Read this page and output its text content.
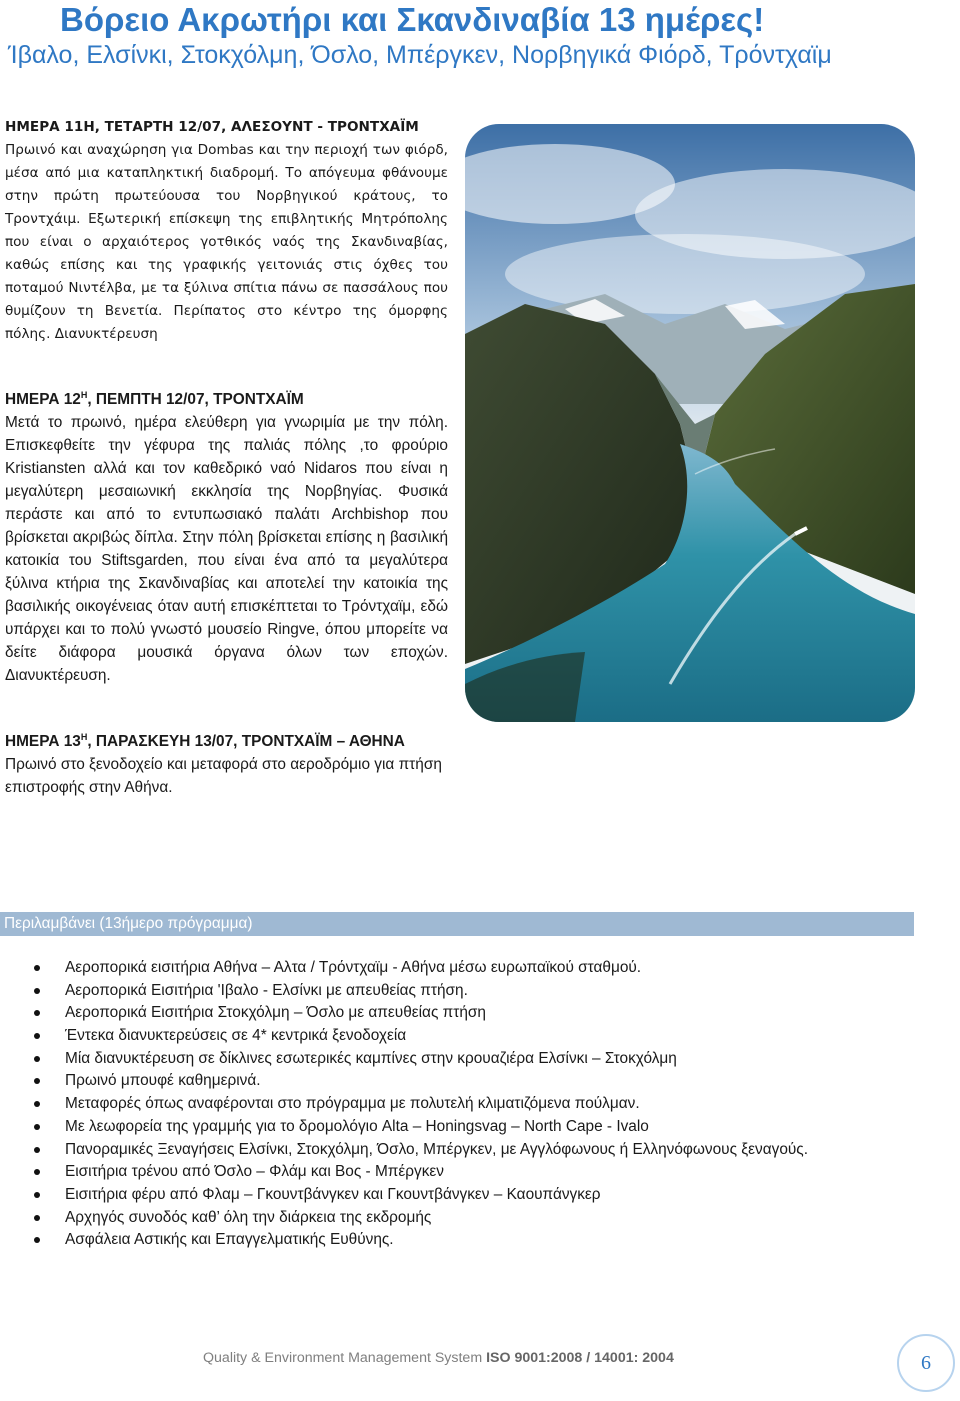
Βόρειο Ακρωτήρι και Σκανδιναβία 13 ημέρες!
Ίβαλο, Ελσίνκι, Στοκχόλμη, Όσλο, Μπέργκεν, Νορβηγικά Φιόρδ, Τρόντχαϊμ
ΗΜΕΡΑ 11Η, ΤΕΤΑΡΤΗ 12/07, ΑΛΕΣΟΥΝΤ - ΤΡΟΝΤΧΑΪΜ

Πρωινό και αναχώρηση για Dombas και την περιοχή των φιόρδ, μέσα από μια καταπληκτική διαδρομή. Το απόγευμα φθάνουμε στην πρώτη πρωτεύουσα του Νορβηγικού κράτους, το Τροντχάιμ. Εξωτερική επίσκεψη της επιβλητικής Μητρόπολης που είναι ο αρχαιότερος γοτθικός ναός της Σκανδιναβίας, καθώς επίσης και της γραφικής γειτονιάς στις όχθες του ποταμού Νιντέλβα, με τα ξύλινα σπίτια πάνω σε πασσάλους που θυμίζουν τη Βενετία. Περίπατος στο κέντρο της όμορφης πόλης. Διανυκτέρευση

ΗΜΕΡΑ $12^H$, ΠΕΜΠΤΗ 12/07, ΤΡΟΝΤΧΑΪΜ

Μετά το πρωινό, ημέρα ελεύθερη για γνωριμία με την πόλη. Επισκεφθείτε την γέφυρα της παλιάς πόλης ,το φρούριο Kristiansten αλλά και τον καθεδρικό ναό Nidaros που είναι η μεγαλύτερη μεσαιωνική εκκλησία της Νορβηγίας. Φυσικά περάστε και από το εντυπωσιακό παλάτι Archbishop που βρίσκεται ακριβώς δίπλα. Στην πόλη βρίσκεται επίσης η βασιλική κατοικία του Stiftsgarden, που είναι ένα από τα μεγαλύτερα ξύλινα κτήρια της Σκανδιναβίας και αποτελεί την κατοικία της βασιλικής οικογένειας όταν αυτή επισκέπτεται το Τρόντχαϊμ, εδώ υπάρχει και το πολύ γνωστό μουσείο Ringve, όπου μπορείτε να δείτε διάφορα μουσικά όργανα όλων των εποχών. Διανυκτέρευση.

ΗΜΕΡΑ $13^H$, ΠΑΡΑΣΚΕΥΗ 13/07, ΤΡΟΝΤΧΑΪΜ – ΑΘΗΝΑ

Πρωινό στο ξενοδοχείο και μεταφορά στο αεροδρόμιο για πτήση επιστροφής στην Αθήνα.

Περιλαμβάνει (13ήμερο πρόγραμμα)
Αεροπορικά εισιτήρια Αθήνα – Αλτα / Τρόντχαϊμ - Αθήνα μέσω ευρωπαϊκού σταθμού.
Αεροπορικά Εισιτήρια 'Ιβαλο - Ελσίνκι με απευθείας πτήση.
Αεροπορικά Εισιτήρια Στοκχόλμη – Όσλο με απευθείας πτήση
Έντεκα διανυκτερεύσεις σε 4* κεντρικά ξενοδοχεία
Μία διανυκτέρευση σε δίκλινες εσωτερικές καμπίνες στην κρουαζιέρα Ελσίνκι – Στοκχόλμη
Πρωινό μπουφέ καθημερινά.
Μεταφορές όπως αναφέρονται στο πρόγραμμα με πολυτελή κλιματιζόμενα πούλμαν.
Με λεωφορεία της γραμμής για το δρομολόγιο Alta – Honingsvag – North Cape - Ivalo
Πανοραμικές Ξεναγήσεις Ελσίνκι, Στοκχόλμη, Όσλο, Μπέργκεν, με Αγγλόφωνους ή Ελληνόφωνους ξεναγούς.
Εισιτήρια τρένου από Όσλο – Φλάμ και Βος - Μπέργκεν
Εισιτήρια φέρυ από Φλαμ – Γκουντβάνγκεν και Γκουντβάνγκεν – Καουπάνγκερ
Αρχηγός συνοδός καθ’ όλη την διάρκεια της εκδρομής
Ασφάλεια Αστικής και Επαγγελματικής Ευθύνης.
Quality & Environment Management System ISO 9001:2008 / 14001: 2004	6
